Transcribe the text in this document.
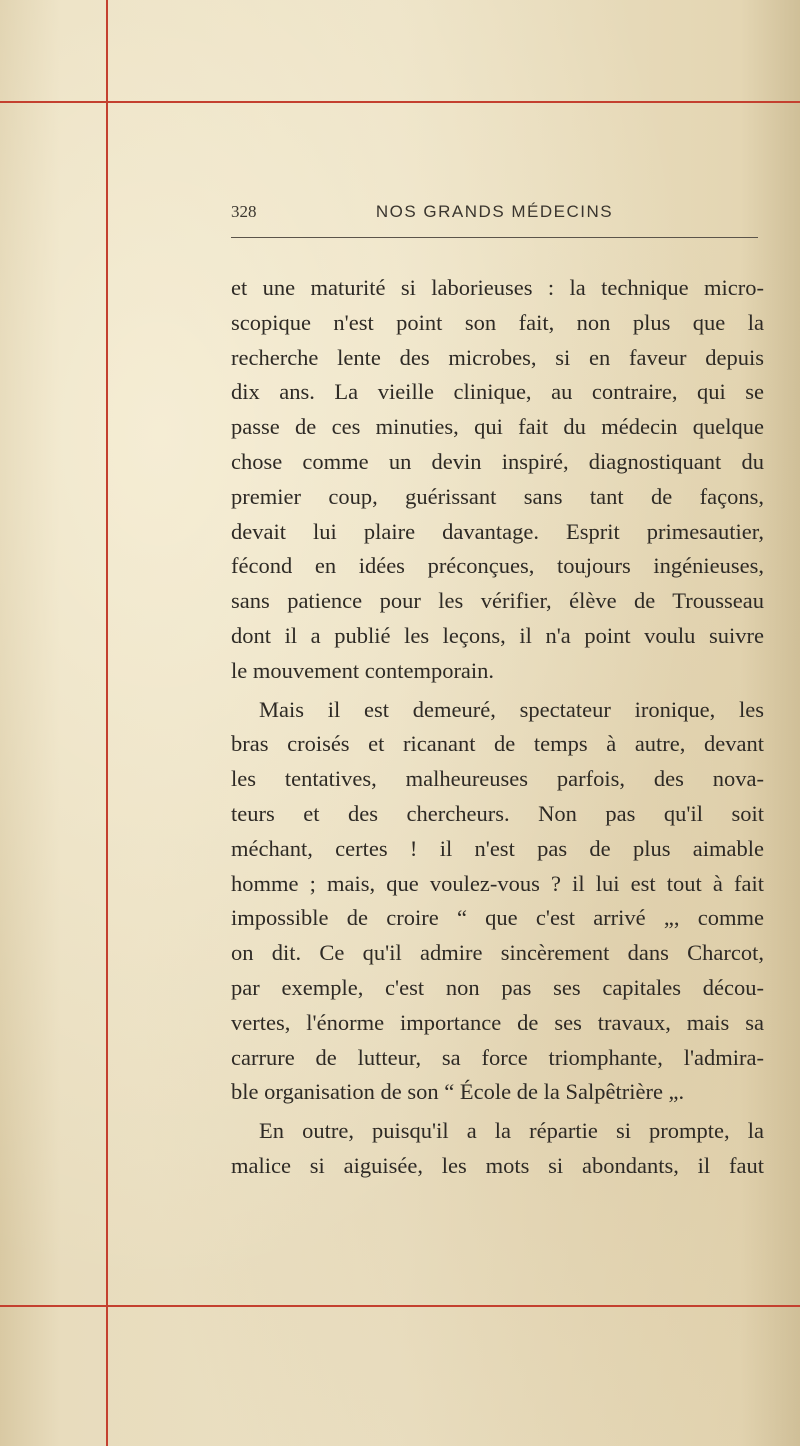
328	NOS GRANDS MÉDECINS
et une maturité si laborieuses : la technique micro-
scopique n'est point son fait, non plus que la
recherche lente des microbes, si en faveur depuis
dix ans. La vieille clinique, au contraire, qui se
passe de ces minuties, qui fait du médecin quelque
chose comme un devin inspiré, diagnostiquant du
premier coup, guérissant sans tant de façons,
devait lui plaire davantage. Esprit primesautier,
fécond en idées préconçues, toujours ingénieuses,
sans patience pour les vérifier, élève de Trousseau
dont il a publié les leçons, il n'a point voulu suivre
le mouvement contemporain.
Mais il est demeuré, spectateur ironique, les
bras croisés et ricanant de temps à autre, devant
les tentatives, malheureuses parfois, des nova-
teurs et des chercheurs. Non pas qu'il soit
méchant, certes ! il n'est pas de plus aimable
homme ; mais, que voulez-vous ? il lui est tout à fait
impossible de croire “ que c'est arrivé „, comme
on dit. Ce qu'il admire sincèrement dans Charcot,
par exemple, c'est non pas ses capitales décou-
vertes, l'énorme importance de ses travaux, mais sa
carrure de lutteur, sa force triomphante, l'admira-
ble organisation de son “ École de la Salpêtrière „.
En outre, puisqu'il a la répartie si prompte, la
malice si aiguisée, les mots si abondants, il faut
